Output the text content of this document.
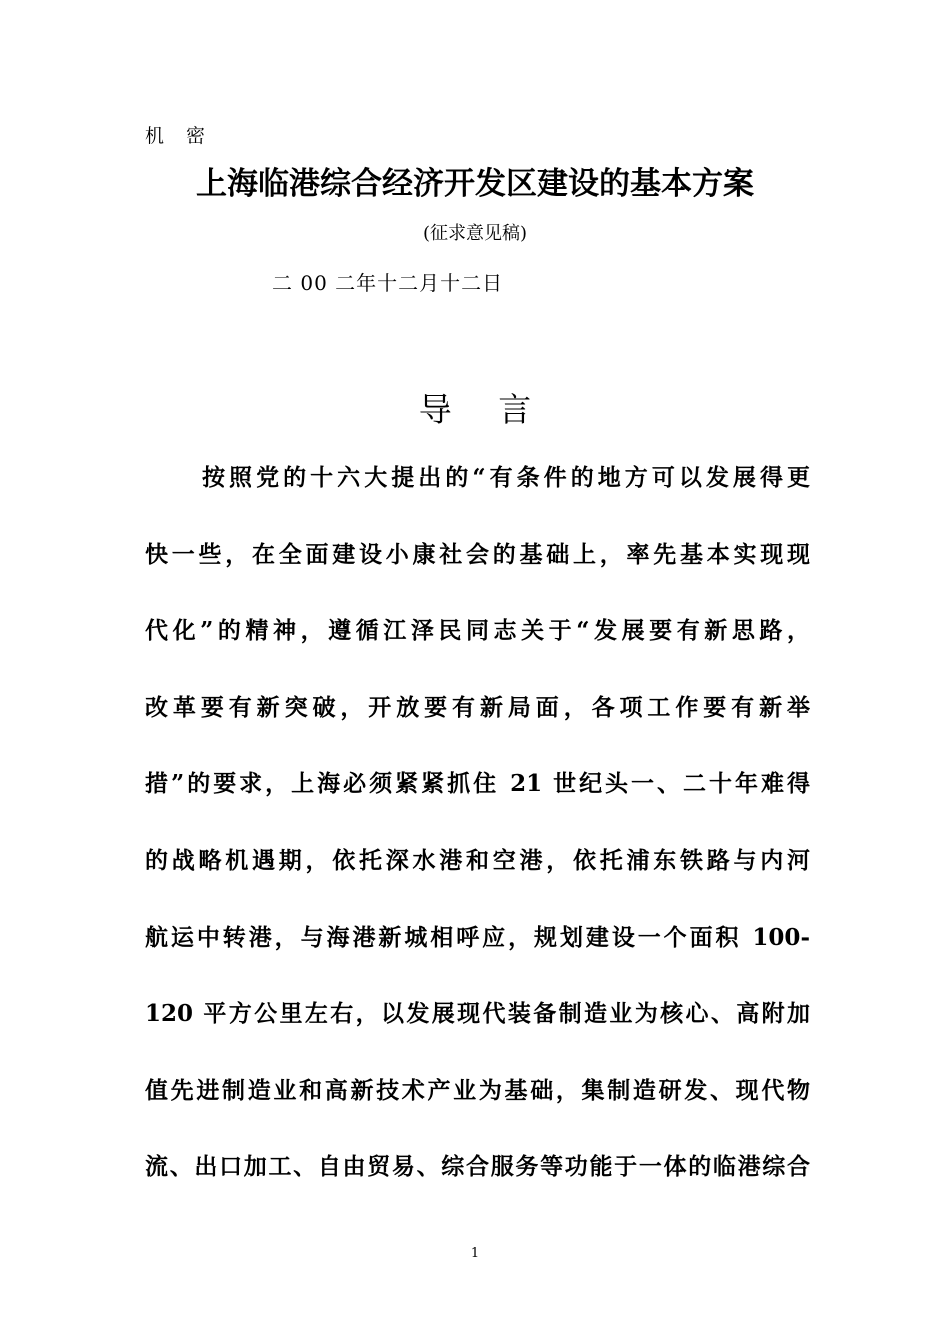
机 密
上海临港综合经济开发区建设的基本方案
(征求意见稿)
二 00 二年十二月十二日
导 言
按照党的十六大提出的“有条件的地方可以发展得更
快一些，在全面建设小康社会的基础上，率先基本实现现
代化”的精神，遵循江泽民同志关于“发展要有新思路，
改革要有新突破，开放要有新局面，各项工作要有新举
措”的要求，上海必须紧紧抓住 21 世纪头一、二十年难得
的战略机遇期，依托深水港和空港，依托浦东铁路与内河
航运中转港，与海港新城相呼应，规划建设一个面积 100-
120 平方公里左右，以发展现代装备制造业为核心、高附加
值先进制造业和高新技术产业为基础，集制造研发、现代物
流、出口加工、自由贸易、综合服务等功能于一体的临港综合
1
